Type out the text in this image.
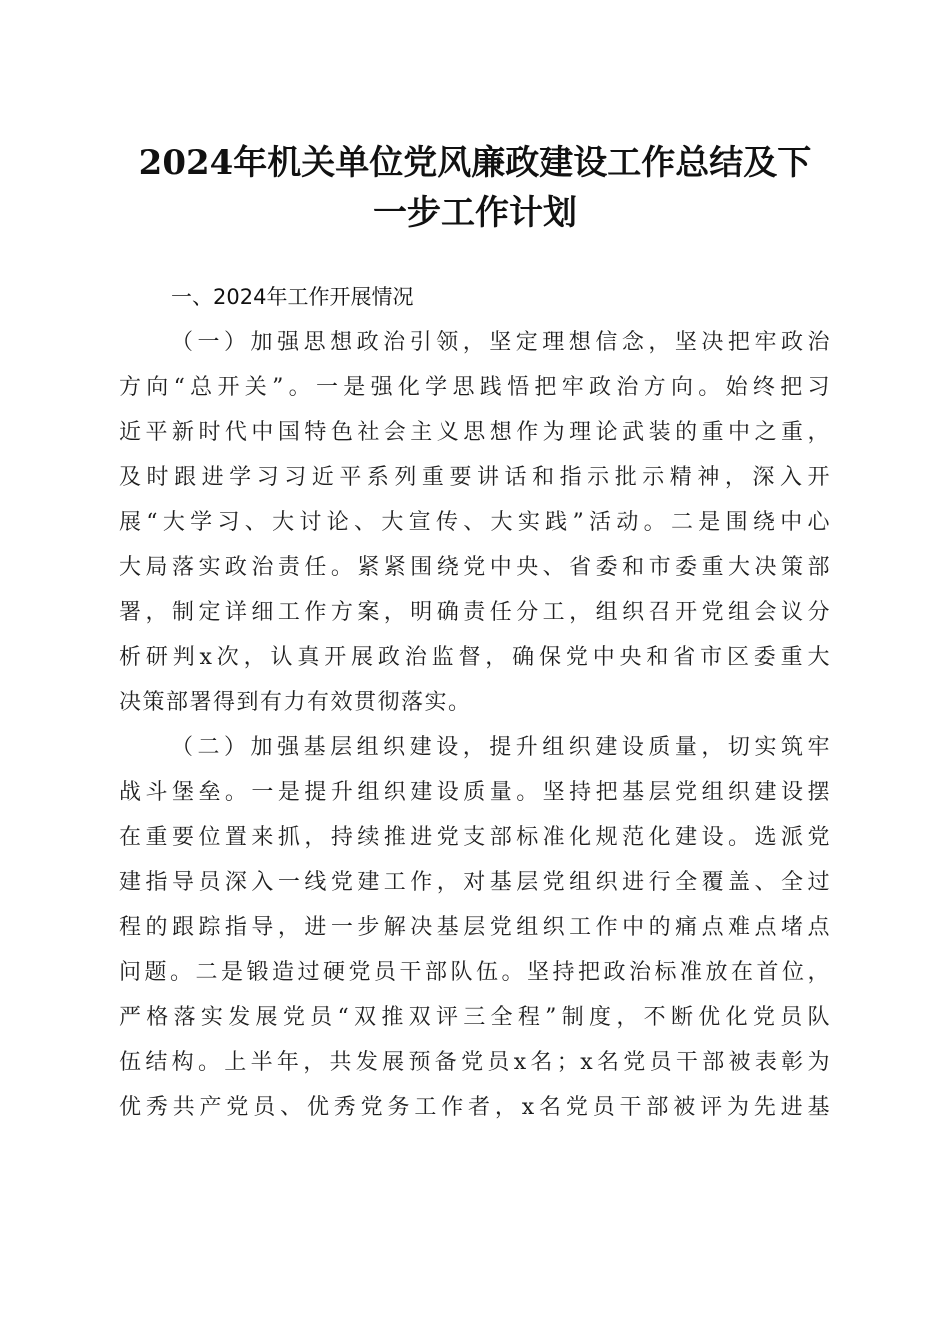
2024年机关单位党风廉政建设工作总结及下
一步工作计划
一、2024年工作开展情况
（一）加强思想政治引领，坚定理想信念，坚决把牢政治
方向“总开关”。一是强化学思践悟把牢政治方向。始终把习
近平新时代中国特色社会主义思想作为理论武装的重中之重，
及时跟进学习习近平系列重要讲话和指示批示精神，深入开
展“大学习、大讨论、大宣传、大实践”活动。二是围绕中心
大局落实政治责任。紧紧围绕党中央、省委和市委重大决策部
署，制定详细工作方案，明确责任分工，组织召开党组会议分
析研判x次，认真开展政治监督，确保党中央和省市区委重大
决策部署得到有力有效贯彻落实。
（二）加强基层组织建设，提升组织建设质量，切实筑牢
战斗堡垒。一是提升组织建设质量。坚持把基层党组织建设摆
在重要位置来抓，持续推进党支部标准化规范化建设。选派党
建指导员深入一线党建工作，对基层党组织进行全覆盖、全过
程的跟踪指导，进一步解决基层党组织工作中的痛点难点堵点
问题。二是锻造过硬党员干部队伍。坚持把政治标准放在首位，
严格落实发展党员“双推双评三全程”制度，不断优化党员队
伍结构。上半年，共发展预备党员x名；x名党员干部被表彰为
优秀共产党员、优秀党务工作者，x名党员干部被评为先进基
